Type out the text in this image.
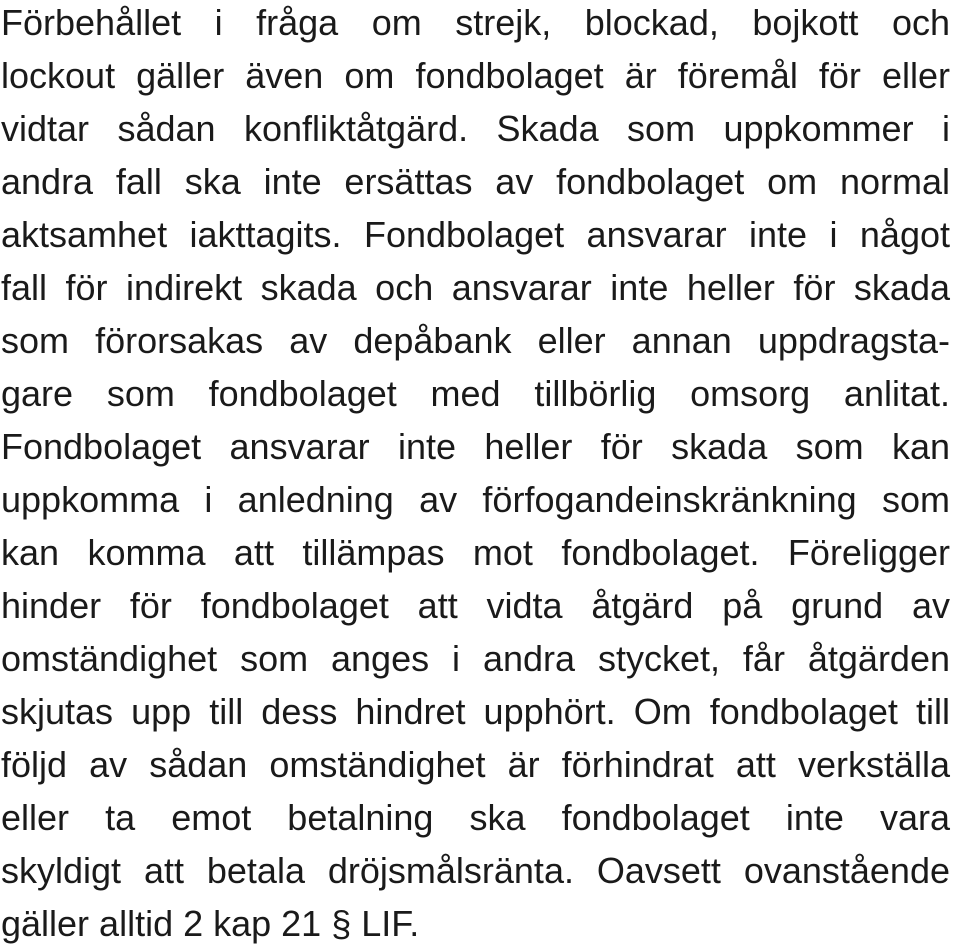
Förbehållet i fråga om strejk, blockad, bojkott och
lockout gäller även om fondbolaget är föremål för eller
vidtar sådan konfliktåtgärd. Skada som uppkommer i
andra fall ska inte ersättas av fondbolaget om normal
aktsamhet iakttagits. Fondbolaget ansvarar inte i något
fall för indirekt skada och ansvarar inte heller för skada
som förorsakas av depåbank eller annan uppdragsta-
gare som fondbolaget med tillbörlig omsorg anlitat.
Fondbolaget ansvarar inte heller för skada som kan
uppkomma i anledning av förfogandeinskränkning som
kan komma att tillämpas mot fondbolaget. Föreligger
hinder för fondbolaget att vidta åtgärd på grund av
omständighet som anges i andra stycket, får åtgärden
skjutas upp till dess hindret upphört. Om fondbolaget till
följd av sådan omständighet är förhindrat att verkställa
eller ta emot betalning ska fondbolaget inte vara
skyldigt att betala dröjsmålsränta. Oavsett ovanstående
gäller alltid 2 kap 21 § LIF.
